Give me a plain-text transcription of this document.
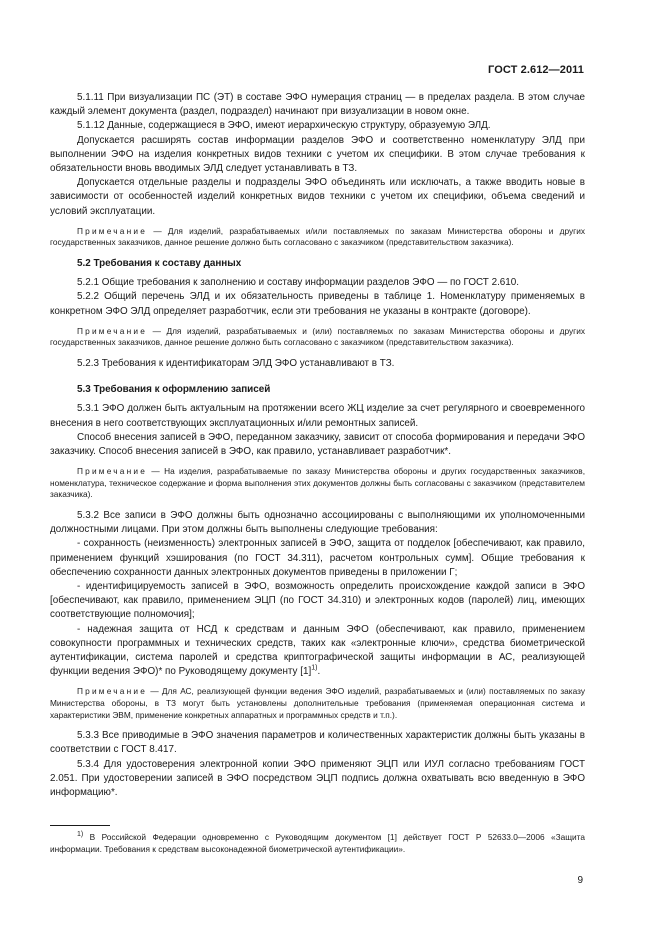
ГОСТ 2.612—2011

5.1.11 При визуализации ПС (ЭТ) в составе ЭФО нумерация страниц — в пределах раздела. В этом случае каждый элемент документа (раздел, подраздел) начинают при визуализации в новом окне.

5.1.12 Данные, содержащиеся в ЭФО, имеют иерархическую структуру, образуемую ЭЛД.

Допускается расширять состав информации разделов ЭФО и соответственно номенклатуру ЭЛД при выполнении ЭФО на изделия конкретных видов техники с учетом их специфики. В этом случае требования к обязательности вновь вводимых ЭЛД следует устанавливать в ТЗ.

Допускается отдельные разделы и подразделы ЭФО объединять или исключать, а также вводить новые в зависимости от особенностей изделий конкретных видов техники с учетом их специфики, объема сведений и условий эксплуатации.

Примечание — Для изделий, разрабатываемых и/или поставляемых по заказам Министерства обороны и других государственных заказчиков, данное решение должно быть согласовано с заказчиком (представительством заказчика).

5.2 Требования к составу данных

5.2.1 Общие требования к заполнению и составу информации разделов ЭФО — по ГОСТ 2.610.

5.2.2 Общий перечень ЭЛД и их обязательность приведены в таблице 1. Номенклатуру применяемых в конкретном ЭФО ЭЛД определяет разработчик, если эти требования не указаны в контракте (договоре).

Примечание — Для изделий, разрабатываемых и (или) поставляемых по заказам Министерства обороны и других государственных заказчиков, данное решение должно быть согласовано с заказчиком (представительством заказчика).

5.2.3 Требования к идентификаторам ЭЛД ЭФО устанавливают в ТЗ.

5.3 Требования к оформлению записей

5.3.1 ЭФО должен быть актуальным на протяжении всего ЖЦ изделие за счет регулярного и своевременного внесения в него соответствующих эксплуатационных и/или ремонтных записей.

Способ внесения записей в ЭФО, переданном заказчику, зависит от способа формирования и передачи ЭФО заказчику. Способ внесения записей в ЭФО, как правило, устанавливает разработчик*.

Примечание — На изделия, разрабатываемые по заказу Министерства обороны и других государственных заказчиков, номенклатура, техническое содержание и форма выполнения этих документов должны быть согласованы с заказчиком (представителем заказчика).

5.3.2 Все записи в ЭФО должны быть однозначно ассоциированы с выполняющими их уполномоченными должностными лицами. При этом должны быть выполнены следующие требования:

- сохранность (неизменность) электронных записей в ЭФО, защита от подделок [обеспечивают, как правило, применением функций хэширования (по ГОСТ 34.311), расчетом контрольных сумм]. Общие требования к обеспечению сохранности данных электронных документов приведены в приложении Г;

- идентифицируемость записей в ЭФО, возможность определить происхождение каждой записи в ЭФО [обеспечивают, как правило, применением ЭЦП (по ГОСТ 34.310) и электронных кодов (паролей) лиц, имеющих соответствующие полномочия];

- надежная защита от НСД к средствам и данным ЭФО (обеспечивают, как правило, применением совокупности программных и технических средств, таких как «электронные ключи», средства биометрической аутентификации, система паролей и средства криптографической защиты информации в АС, реализующей функции ведения ЭФО)* по Руководящему документу $[1]^{1)}$.

Примечание — Для АС, реализующей функции ведения ЭФО изделий, разрабатываемых и (или) поставляемых по заказу Министерства обороны, в ТЗ могут быть установлены дополнительные требования (применяемая операционная система и характеристики ЭВМ, применение конкретных аппаратных и программных средств и т.п.).

5.3.3 Все приводимые в ЭФО значения параметров и количественных характеристик должны быть указаны в соответствии с ГОСТ 8.417.

5.3.4 Для удостоверения электронной копии ЭФО применяют ЭЦП или ИУЛ согласно требованиям ГОСТ 2.051. При удостоверении записей в ЭФО посредством ЭЦП подпись должна охватывать всю введенную в ЭФО информацию*.

$^{1)}$ В Российской Федерации одновременно с Руководящим документом [1] действует ГОСТ Р 52633.0—2006 «Защита информации. Требования к средствам высоконадежной биометрической аутентификации».

9
